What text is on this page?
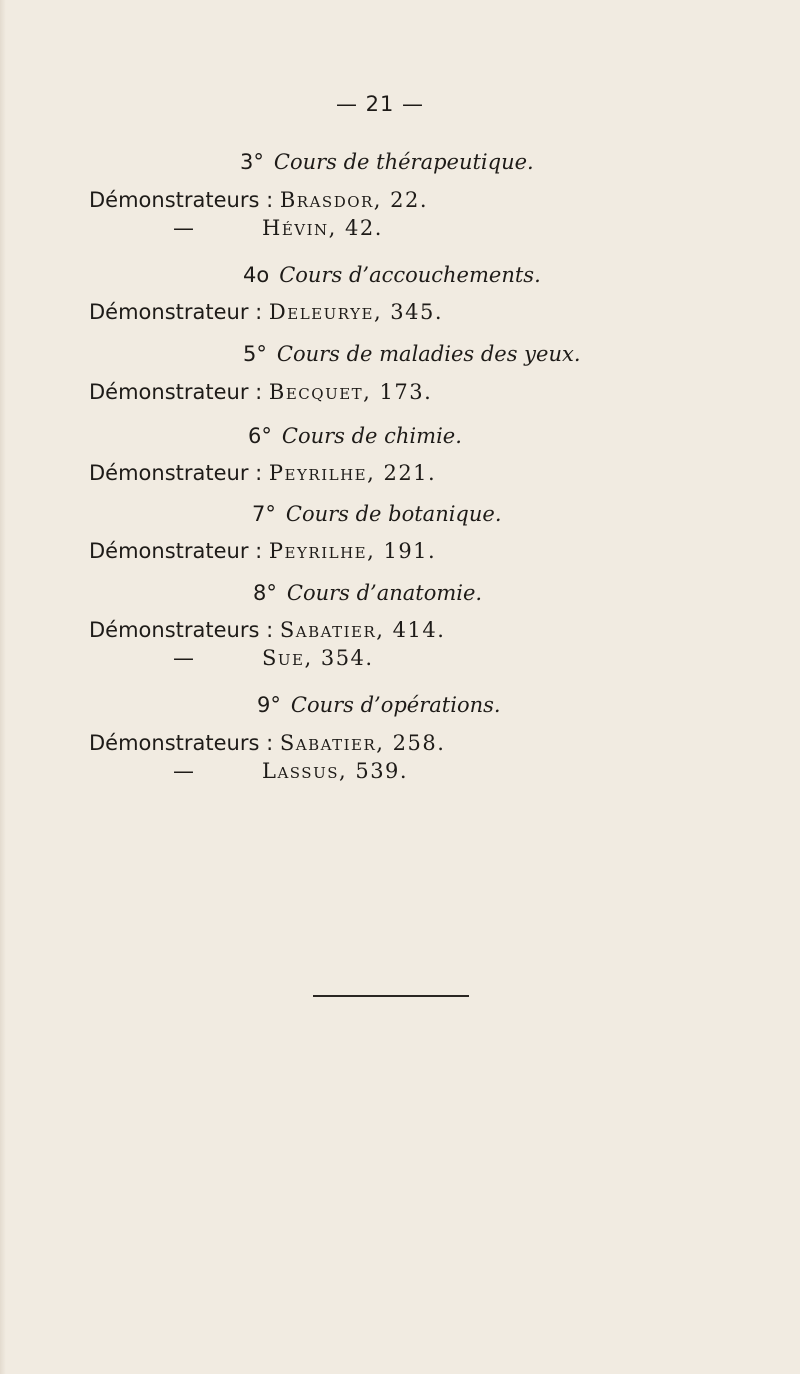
— 21 —
3° Cours de thérapeutique.
Démonstrateurs : Brasdor, 22.
—	Hévin, 42.
4o Cours d’accouchements.
Démonstrateur : Deleurye, 345.
5° Cours de maladies des yeux.
Démonstrateur : Becquet, 173.
6° Cours de chimie.
Démonstrateur : Peyrilhe, 221.
7° Cours de botanique.
Démonstrateur : Peyrilhe, 191.
8° Cours d’anatomie.
Démonstrateurs : Sabatier, 414.
—	Sue, 354.
9° Cours d’opérations.
Démonstrateurs : Sabatier, 258.
—	Lassus, 539.
